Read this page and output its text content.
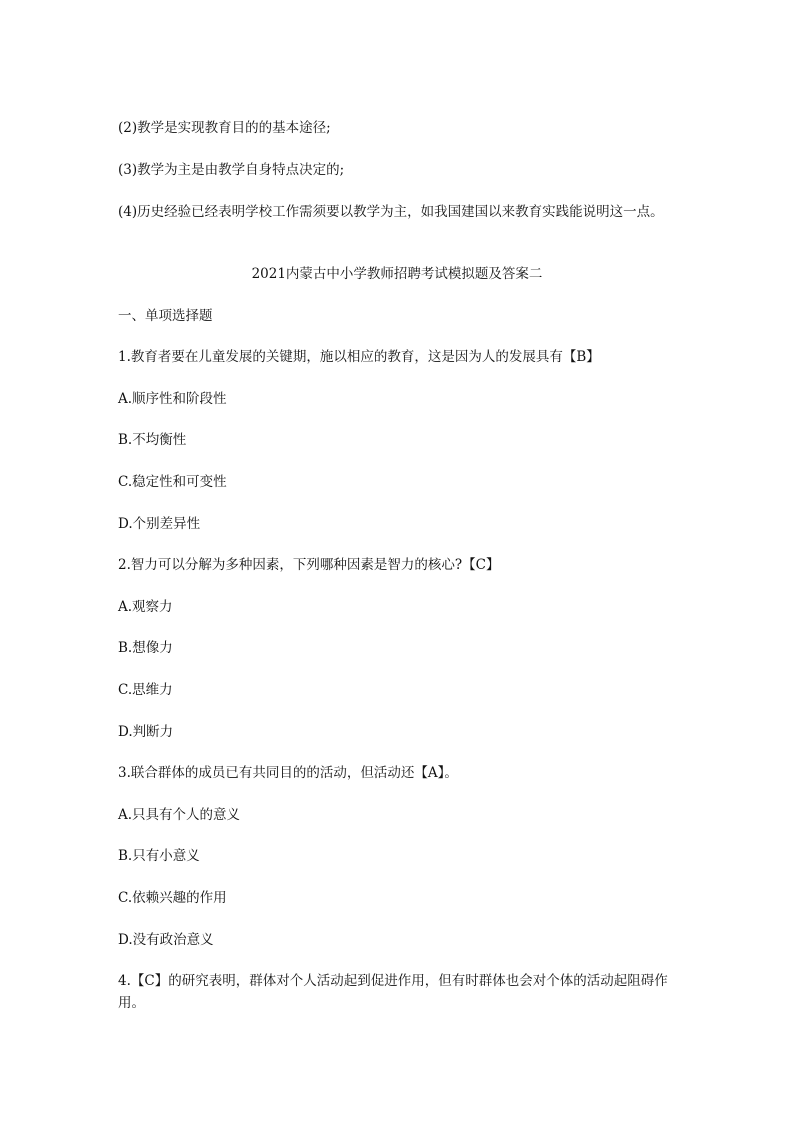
(2)教学是实现教育目的的基本途径;

(3)教学为主是由教学自身特点决定的;

(4)历史经验已经表明学校工作需须要以教学为主，如我国建国以来教育实践能说明这一点。

2021内蒙古中小学教师招聘考试模拟题及答案二

一、单项选择题

1.教育者要在儿童发展的关键期，施以相应的教育，这是因为人的发展具有【B】

A.顺序性和阶段性

B.不均衡性

C.稳定性和可变性

D.个别差异性

2.智力可以分解为多种因素，下列哪种因素是智力的核心?【C】

A.观察力

B.想像力

C.思维力

D.判断力

3.联合群体的成员已有共同目的的活动，但活动还【A】。

A.只具有个人的意义

B.只有小意义

C.依赖兴趣的作用

D.没有政治意义

4.【C】的研究表明，群体对个人活动起到促进作用，但有时群体也会对个体的活动起阻碍作用。
